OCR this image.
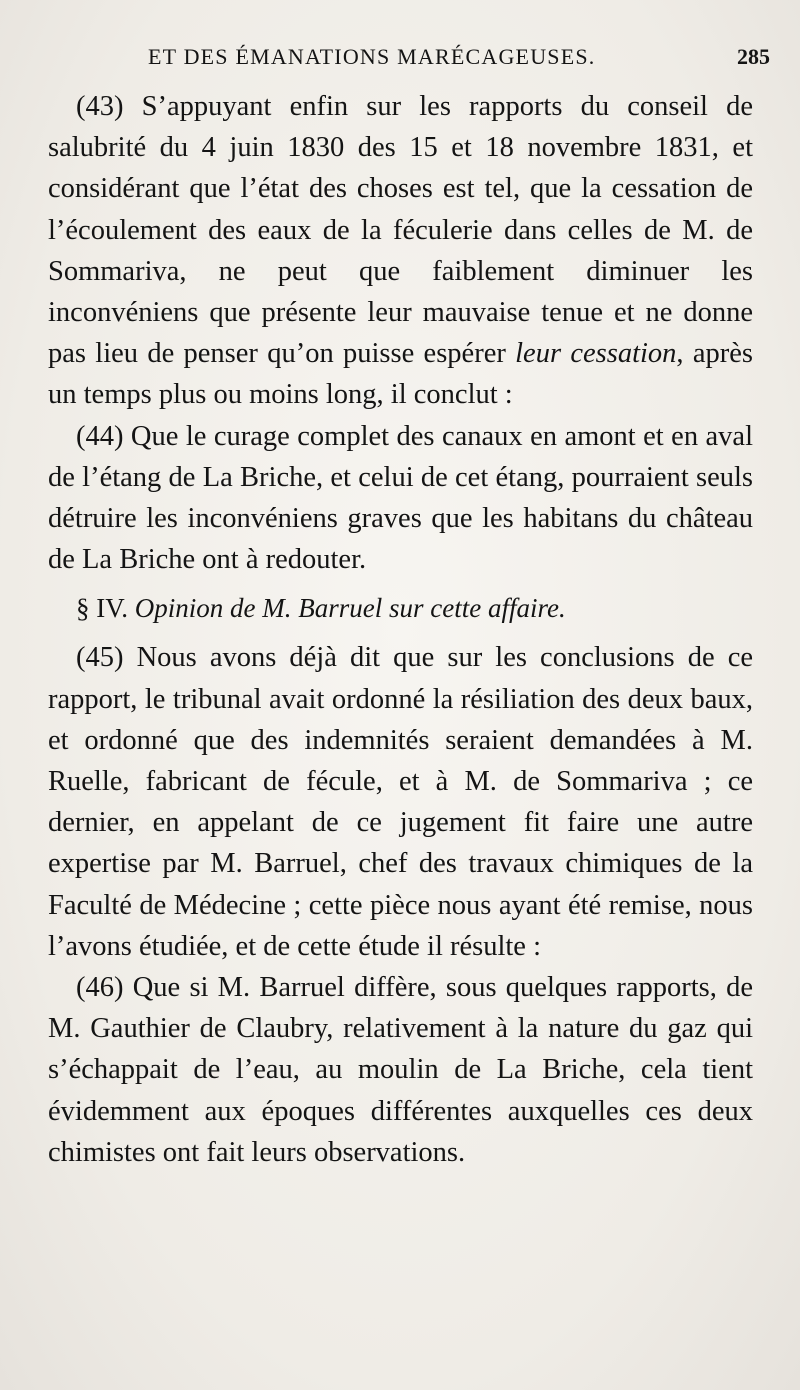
ET DES ÉMANATIONS MARÉCAGEUSES.	285

(43) S’appuyant enfin sur les rapports du conseil de salubrité du 4 juin 1830 des 15 et 18 novembre 1831, et considérant que l’état des choses est tel, que la cessation de l’écoulement des eaux de la féculerie dans celles de M. de Sommariva, ne peut que faiblement diminuer les inconvéniens que présente leur mauvaise tenue et ne donne pas lieu de penser qu’on puisse espérer leur cessation, après un temps plus ou moins long, il conclut :

(44) Que le curage complet des canaux en amont et en aval de l’étang de La Briche, et celui de cet étang, pourraient seuls détruire les inconvéniens graves que les habitans du château de La Briche ont à redouter.

§ IV. Opinion de M. Barruel sur cette affaire.

(45) Nous avons déjà dit que sur les conclusions de ce rapport, le tribunal avait ordonné la résiliation des deux baux, et ordonné que des indemnités seraient demandées à M. Ruelle, fabricant de fécule, et à M. de Sommariva ; ce dernier, en appelant de ce jugement fit faire une autre expertise par M. Barruel, chef des travaux chimiques de la Faculté de Médecine ; cette pièce nous ayant été remise, nous l’avons étudiée, et de cette étude il résulte :

(46) Que si M. Barruel diffère, sous quelques rapports, de M. Gauthier de Claubry, relativement à la nature du gaz qui s’échappait de l’eau, au moulin de La Briche, cela tient évidemment aux époques différentes auxquelles ces deux chimistes ont fait leurs observations.
